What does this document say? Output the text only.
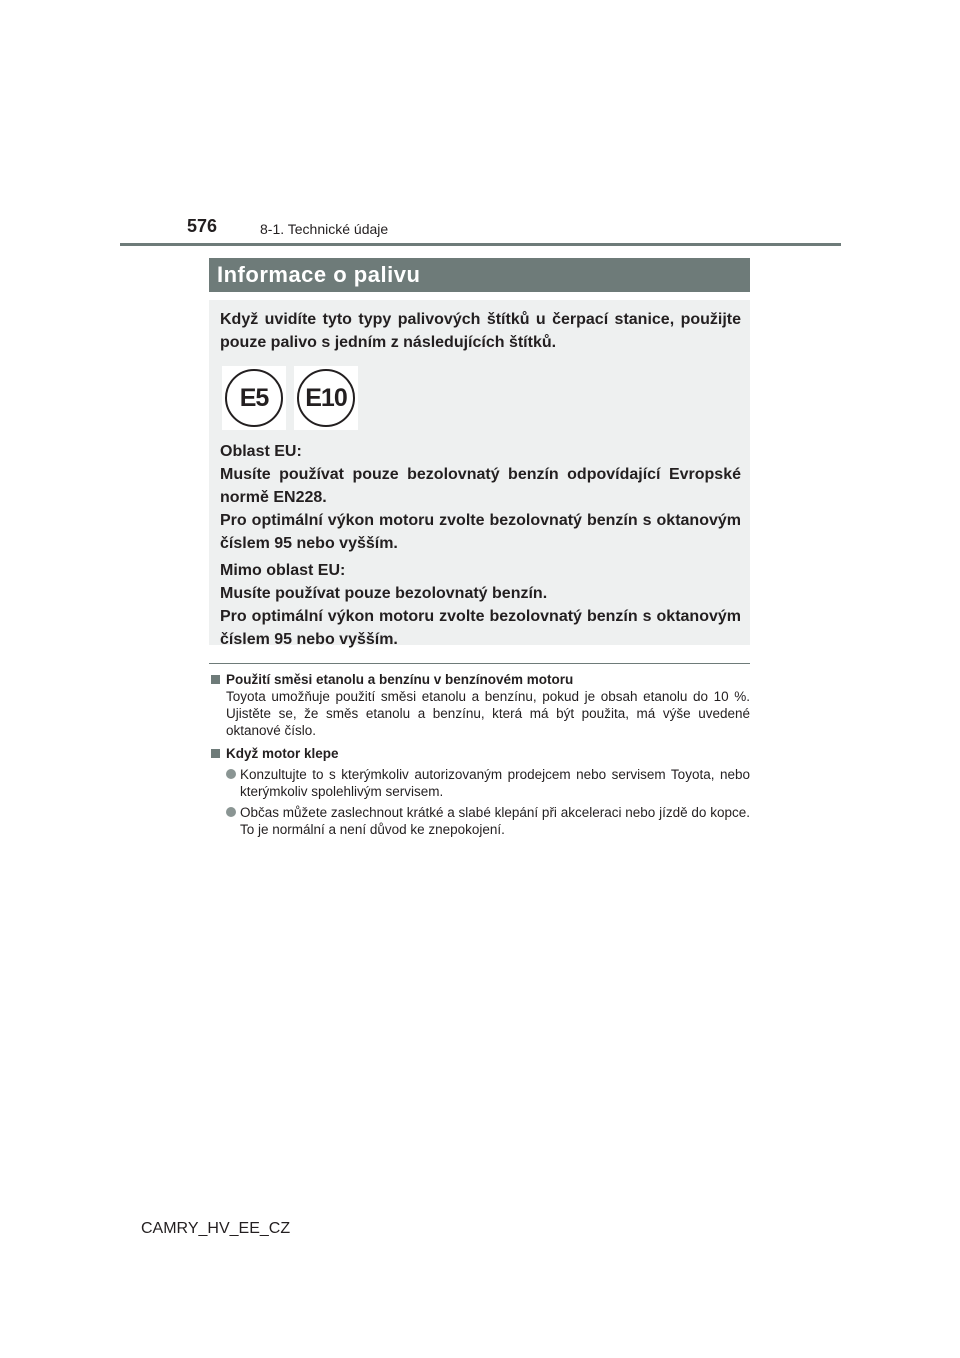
576	8-1. Technické údaje
Informace o palivu

Když uvidíte tyto typy palivových štítků u čerpací stanice, použijte pouze palivo s jedním z následujících štítků.

E5 E10

Oblast EU:

Musíte používat pouze bezolovnatý benzín odpovídající Evropské normě EN228.

Pro optimální výkon motoru zvolte bezolovnatý benzín s oktanovým číslem 95 nebo vyšším.

Mimo oblast EU:

Musíte používat pouze bezolovnatý benzín.

Pro optimální výkon motoru zvolte bezolovnatý benzín s oktanovým číslem 95 nebo vyšším.

Použití směsi etanolu a benzínu v benzínovém motoru
Toyota umožňuje použití směsi etanolu a benzínu, pokud je obsah etanolu do 10 %. Ujistěte se, že směs etanolu a benzínu, která má být použita, má výše uvedené oktanové číslo.
Když motor klepe
Konzultujte to s kterýmkoliv autorizovaným prodejcem nebo servisem Toyota, nebo kterýmkoliv spolehlivým servisem.
Občas můžete zaslechnout krátké a slabé klepání při akceleraci nebo jízdě do kopce. To je normální a není důvod ke znepokojení.
CAMRY_HV_EE_CZ
